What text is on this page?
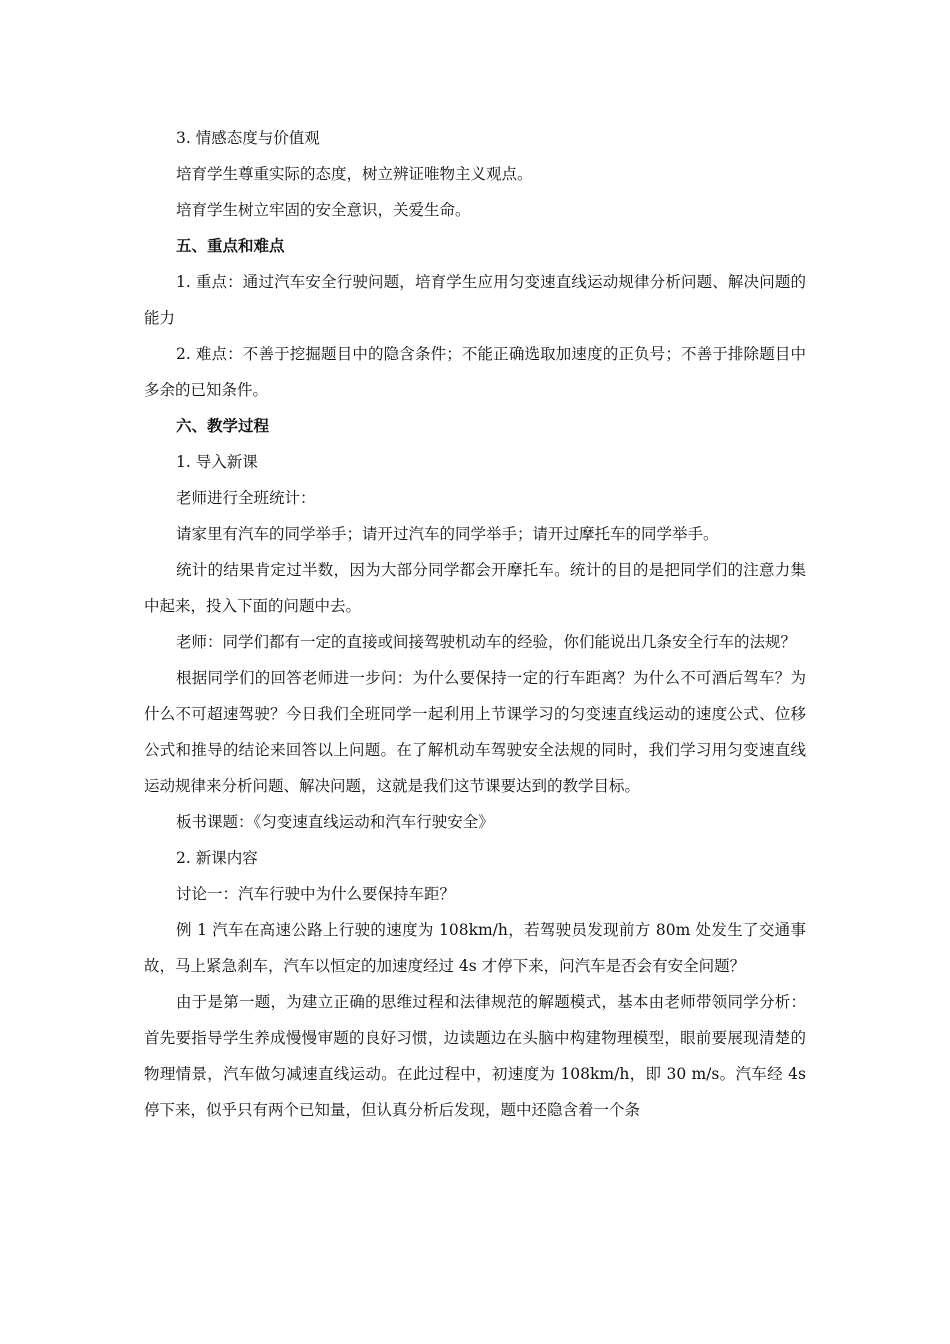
3. 情感态度与价值观

培育学生尊重实际的态度，树立辨证唯物主义观点。

培育学生树立牢固的安全意识，关爱生命。

五、重点和难点

1. 重点：通过汽车安全行驶问题，培育学生应用匀变速直线运动规律分析问题、解决问题的能力

2. 难点：不善于挖掘题目中的隐含条件；不能正确选取加速度的正负号；不善于排除题目中多余的已知条件。

六、教学过程

1. 导入新课

老师进行全班统计：

请家里有汽车的同学举手；请开过汽车的同学举手；请开过摩托车的同学举手。

统计的结果肯定过半数，因为大部分同学都会开摩托车。统计的目的是把同学们的注意力集中起来，投入下面的问题中去。

老师：同学们都有一定的直接或间接驾驶机动车的经验，你们能说出几条安全行车的法规？

根据同学们的回答老师进一步问：为什么要保持一定的行车距离？为什么不可酒后驾车？为什么不可超速驾驶？今日我们全班同学一起利用上节课学习的匀变速直线运动的速度公式、位移公式和推导的结论来回答以上问题。在了解机动车驾驶安全法规的同时，我们学习用匀变速直线运动规律来分析问题、解决问题，这就是我们这节课要达到的教学目标。

板书课题：《匀变速直线运动和汽车行驶安全》

2. 新课内容

讨论一：汽车行驶中为什么要保持车距？

例 1 汽车在高速公路上行驶的速度为 108km/h，若驾驶员发现前方 80m 处发生了交通事故，马上紧急刹车，汽车以恒定的加速度经过 4s 才停下来，问汽车是否会有安全问题？

由于是第一题，为建立正确的思维过程和法律规范的解题模式，基本由老师带领同学分析：首先要指导学生养成慢慢审题的良好习惯，边读题边在头脑中构建物理模型，眼前要展现清楚的物理情景，汽车做匀减速直线运动。在此过程中，初速度为 108km/h，即 30 m/s。汽车经 4s 停下来，似乎只有两个已知量，但认真分析后发现，题中还隐含着一个条
